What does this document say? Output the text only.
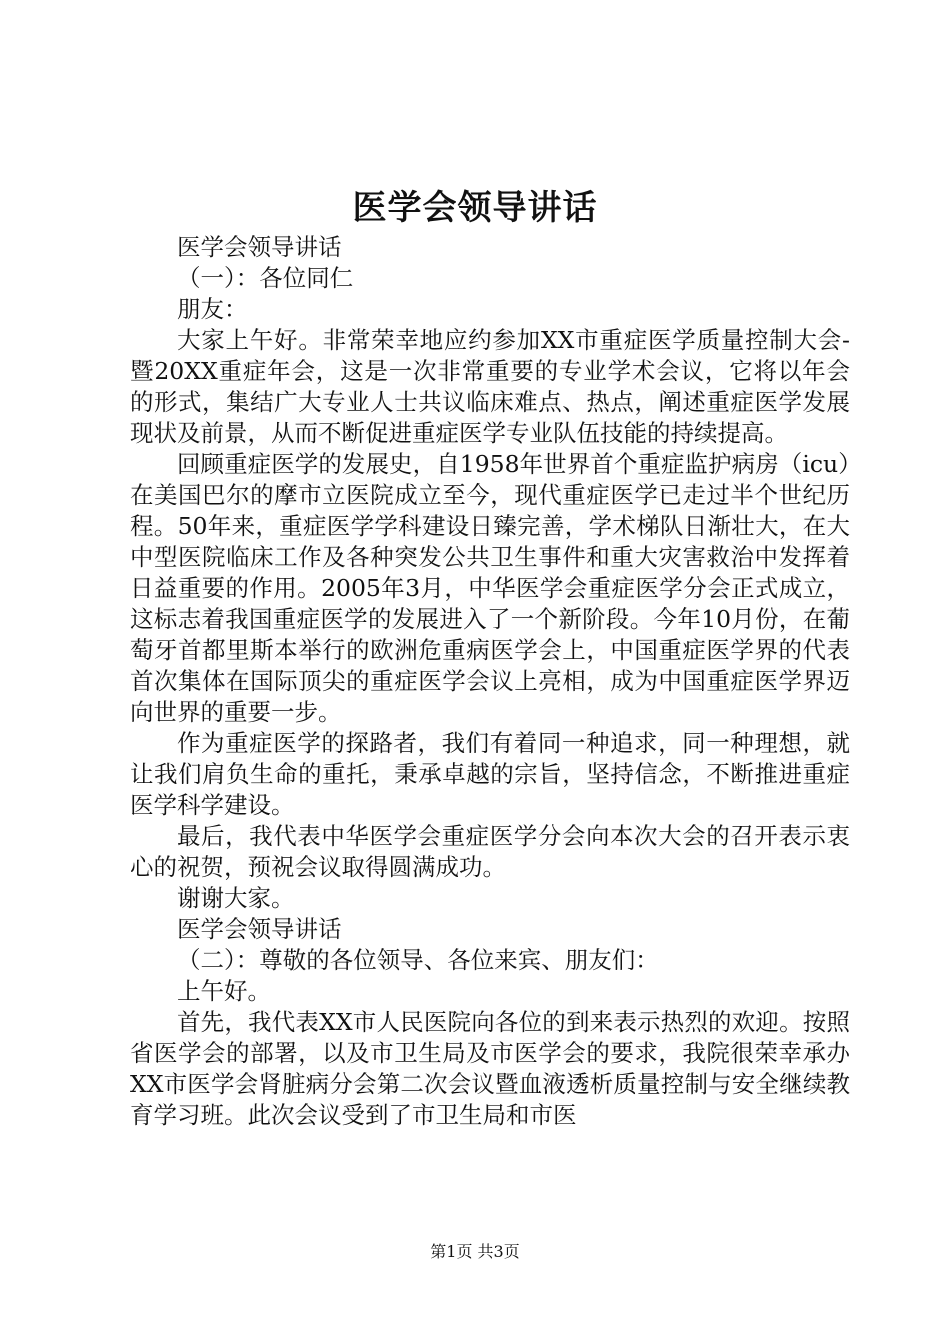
医学会领导讲话

医学会领导讲话

（一）：各位同仁

朋友：

大家上午好。非常荣幸地应约参加XX市重症医学质量控制大会-暨20XX重症年会，这是一次非常重要的专业学术会议，它将以年会的形式，集结广大专业人士共议临床难点、热点，阐述重症医学发展现状及前景，从而不断促进重症医学专业队伍技能的持续提高。

回顾重症医学的发展史，自1958年世界首个重症监护病房（icu）在美国巴尔的摩市立医院成立至今，现代重症医学已走过半个世纪历程。50年来，重症医学学科建设日臻完善，学术梯队日渐壮大，在大中型医院临床工作及各种突发公共卫生事件和重大灾害救治中发挥着日益重要的作用。2005年3月，中华医学会重症医学分会正式成立，这标志着我国重症医学的发展进入了一个新阶段。今年10月份，在葡萄牙首都里斯本举行的欧洲危重病医学会上，中国重症医学界的代表首次集体在国际顶尖的重症医学会议上亮相，成为中国重症医学界迈向世界的重要一步。

作为重症医学的探路者，我们有着同一种追求，同一种理想，就让我们肩负生命的重托，秉承卓越的宗旨，坚持信念，不断推进重症医学科学建设。

最后，我代表中华医学会重症医学分会向本次大会的召开表示衷心的祝贺，预祝会议取得圆满成功。

谢谢大家。

医学会领导讲话

（二）：尊敬的各位领导、各位来宾、朋友们：

上午好。

首先，我代表XX市人民医院向各位的到来表示热烈的欢迎。按照省医学会的部署，以及市卫生局及市医学会的要求，我院很荣幸承办XX市医学会肾脏病分会第二次会议暨血液透析质量控制与安全继续教育学习班。此次会议受到了市卫生局和市医

第1页 共3页
